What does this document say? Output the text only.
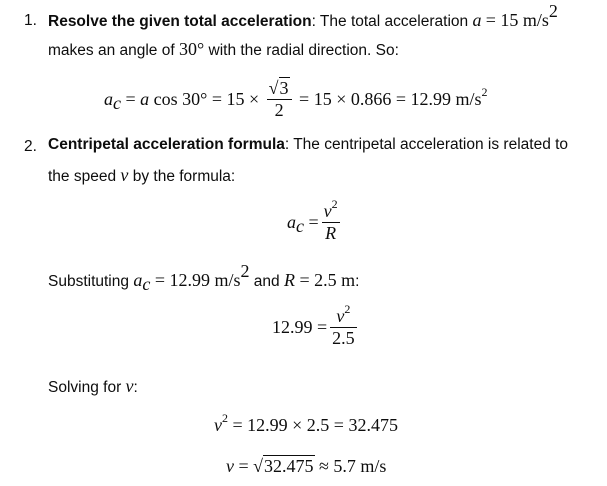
1. Resolve the given total acceleration: The total acceleration a = 15 $m/s^2$
makes an angle of 30° with the radial direction. So:
$a_c = a$ $\cos 30^\circ = 15 \times \frac{√3}{2} = 15 \times 0.866 = 12.99$ $m/s^2$
2. Centripetal acceleration formula: The centripetal acceleration is related to
the speed v by the formula:
$a_c = \frac{v^2}{R}$
Substituting $a_c = 12.99$ $m/s^2$ and R = 2.5 m:
$12.99 = \frac{v^2}{2.5}$
Solving for v:
$v^2 = 12.99 \times 2.5 = 32.475$
v = √32.475 ≈ 5.7 m/s
